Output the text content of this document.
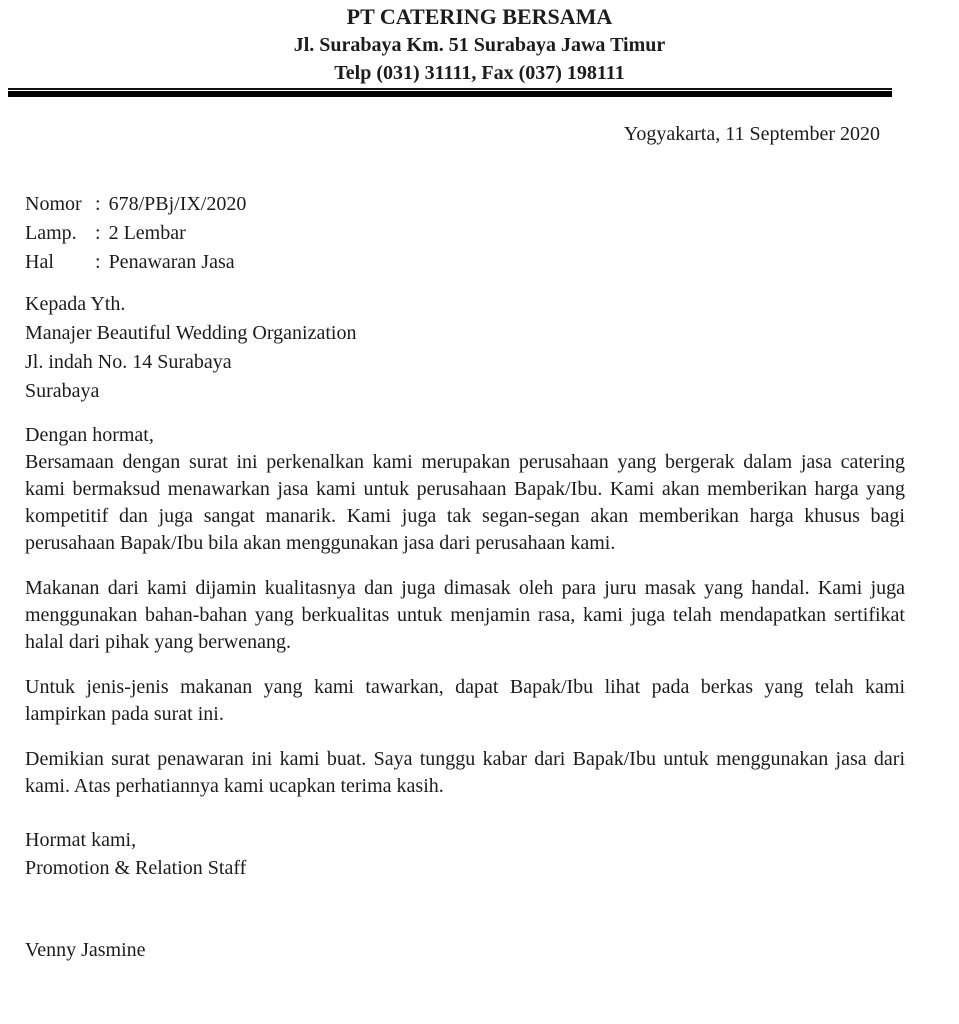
PT CATERING BERSAMA
Jl. Surabaya Km. 51 Surabaya Jawa Timur
Telp (031) 31111, Fax (037) 198111
Yogyakarta, 11 September 2020
Nomor : 678/PBj/IX/2020
Lamp. : 2 Lembar
Hal : Penawaran Jasa
Kepada Yth.
Manajer Beautiful Wedding Organization
Jl. indah No. 14 Surabaya
Surabaya

Dengan hormat,

Bersamaan dengan surat ini perkenalkan kami merupakan perusahaan yang bergerak dalam jasa catering kami bermaksud menawarkan jasa kami untuk perusahaan Bapak/Ibu. Kami akan memberikan harga yang kompetitif dan juga sangat manarik. Kami juga tak segan-segan akan memberikan harga khusus bagi perusahaan Bapak/Ibu bila akan menggunakan jasa dari perusahaan kami.

Makanan dari kami dijamin kualitasnya dan juga dimasak oleh para juru masak yang handal. Kami juga menggunakan bahan-bahan yang berkualitas untuk menjamin rasa, kami juga telah mendapatkan sertifikat halal dari pihak yang berwenang.

Untuk jenis-jenis makanan yang kami tawarkan, dapat Bapak/Ibu lihat pada berkas yang telah kami lampirkan pada surat ini.

Demikian surat penawaran ini kami buat. Saya tunggu kabar dari Bapak/Ibu untuk menggunakan jasa dari kami. Atas perhatiannya kami ucapkan terima kasih.

Hormat kami,
Promotion & Relation Staff
Venny Jasmine
